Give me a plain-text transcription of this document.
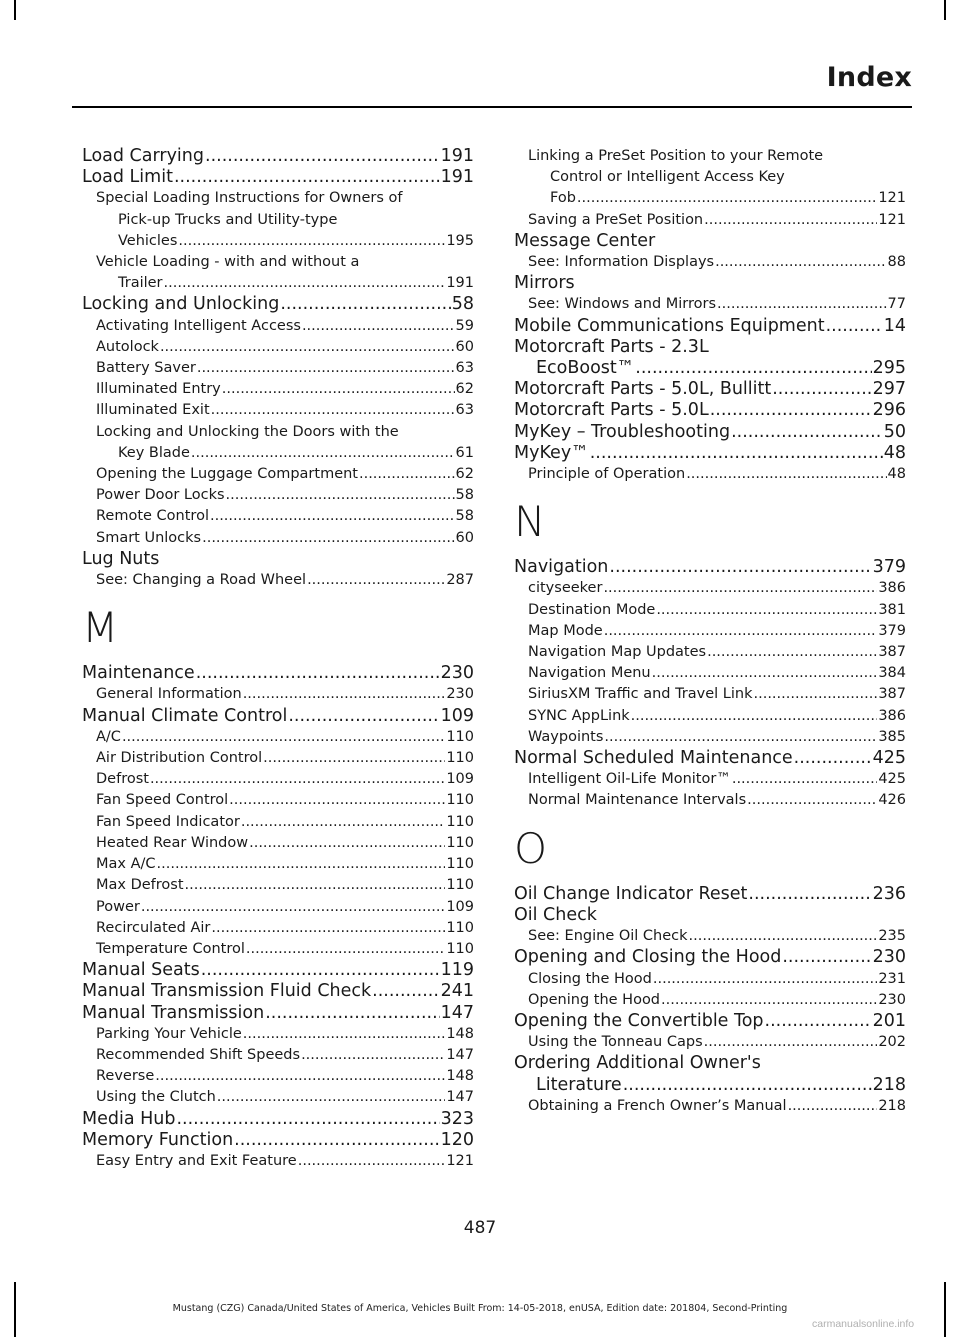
Index
Load Carrying .....	191
Load Limit .....	191
Special Loading Instructions for Owners of
Pick-up Trucks and Utility-type
Vehicles .....	195
Vehicle Loading - with and without a
Trailer .....	191
Locking and Unlocking .....	58
Activating Intelligent Access .....	59
Autolock .....	60
Battery Saver .....	63
Illuminated Entry .....	62
Illuminated Exit .....	63
Locking and Unlocking the Doors with the
Key Blade .....	61
Opening the Luggage Compartment .....	62
Power Door Locks .....	58
Remote Control .....	58
Smart Unlocks .....	60
Lug Nuts
See: Changing a Road Wheel .....	287
M
Maintenance .....	230
General Information .....	230
Manual Climate Control .....	109
A/C .....	110
Air Distribution Control .....	110
Defrost .....	109
Fan Speed Control .....	110
Fan Speed Indicator .....	110
Heated Rear Window .....	110
Max A/C .....	110
Max Defrost .....	110
Power .....	109
Recirculated Air .....	110
Temperature Control .....	110
Manual Seats .....	119
Manual Transmission Fluid Check .....	241
Manual Transmission .....	147
Parking Your Vehicle .....	148
Recommended Shift Speeds .....	147
Reverse .....	148
Using the Clutch .....	147
Media Hub .....	323
Memory Function .....	120
Easy Entry and Exit Feature .....	121
Linking a PreSet Position to your Remote
Control or Intelligent Access Key
Fob .....	121
Saving a PreSet Position .....	121
Message Center
See: Information Displays .....	88
Mirrors
See: Windows and Mirrors .....	77
Mobile Communications Equipment .....	14
Motorcraft Parts - 2.3L
EcoBoost™ .....	295
Motorcraft Parts - 5.0L, Bullitt .....	297
Motorcraft Parts - 5.0L .....	296
MyKey – Troubleshooting .....	50
MyKey™ .....	48
Principle of Operation .....	48
N
Navigation .....	379
cityseeker .....	386
Destination Mode .....	381
Map Mode .....	379
Navigation Map Updates .....	387
Navigation Menu .....	384
SiriusXM Traffic and Travel Link .....	387
SYNC AppLink .....	386
Waypoints .....	385
Normal Scheduled Maintenance .....	425
Intelligent Oil-Life Monitor™ .....	425
Normal Maintenance Intervals .....	426
O
Oil Change Indicator Reset .....	236
Oil Check
See: Engine Oil Check .....	235
Opening and Closing the Hood .....	230
Closing the Hood .....	231
Opening the Hood .....	230
Opening the Convertible Top .....	201
Using the Tonneau Caps .....	202
Ordering Additional Owner's
Literature .....	218
Obtaining a French Owner’s Manual .....	218
487
Mustang (CZG) Canada/United States of America, Vehicles Built From: 14-05-2018, enUSA, Edition date: 201804, Second-Printing
carmanualsonline.info
